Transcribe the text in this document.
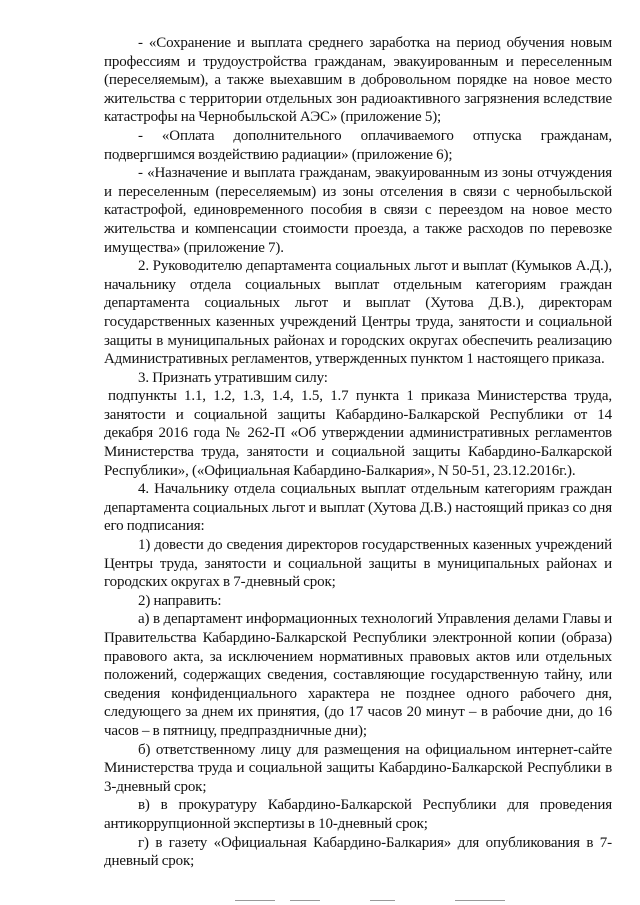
- «Сохранение и выплата среднего заработка на период обучения новым профессиям и трудоустройства гражданам, эвакуированным и переселенным (переселяемым), а также выехавшим в добровольном порядке на новое место жительства с территории отдельных зон радиоактивного загрязнения вследствие катастрофы на Чернобыльской АЭС» (приложение 5);

- «Оплата дополнительного оплачиваемого отпуска гражданам, подвергшимся воздействию радиации» (приложение 6);

- «Назначение и выплата гражданам, эвакуированным из зоны отчуждения и переселенным (переселяемым) из зоны отселения в связи с чернобыльской катастрофой, единовременного пособия в связи с переездом на новое место жительства и компенсации стоимости проезда, а также расходов по перевозке имущества» (приложение 7).

2. Руководителю департамента социальных льгот и выплат (Кумыков А.Д.), начальнику отдела социальных выплат отдельным категориям граждан департамента социальных льгот и выплат (Хутова Д.В.), директорам государственных казенных учреждений Центры труда, занятости и социальной защиты в муниципальных районах и городских округах обеспечить реализацию Административных регламентов, утвержденных пунктом 1 настоящего приказа.

3. Признать утратившим силу:

подпункты 1.1, 1.2, 1.3, 1.4, 1.5, 1.7 пункта 1 приказа Министерства труда, занятости и социальной защиты Кабардино-Балкарской Республики от 14 декабря 2016 года № 262-П «Об утверждении административных регламентов Министерства труда, занятости и социальной защиты Кабардино-Балкарской Республики», («Официальная Кабардино-Балкария», N 50-51, 23.12.2016г.).

4. Начальнику отдела социальных выплат отдельным категориям граждан департамента социальных льгот и выплат (Хутова Д.В.) настоящий приказ со дня его подписания:

1) довести до сведения директоров государственных казенных учреждений Центры труда, занятости и социальной защиты в муниципальных районах и городских округах в 7-дневный срок;

2) направить:

а) в департамент информационных технологий Управления делами Главы и Правительства Кабардино-Балкарской Республики электронной копии (образа) правового акта, за исключением нормативных правовых актов или отдельных положений, содержащих сведения, составляющие государственную тайну, или сведения конфиденциального характера не позднее одного рабочего дня, следующего за днем их принятия, (до 17 часов 20 минут – в рабочие дни, до 16 часов – в пятницу, предпраздничные дни);

б) ответственному лицу для размещения на официальном интернет-сайте Министерства труда и социальной защиты Кабардино-Балкарской Республики в 3-дневный срок;

в) в прокуратуру Кабардино-Балкарской Республики для проведения антикоррупционной экспертизы в 10-дневный срок;

г) в газету «Официальная Кабардино-Балкария» для опубликования в 7-дневный срок;
